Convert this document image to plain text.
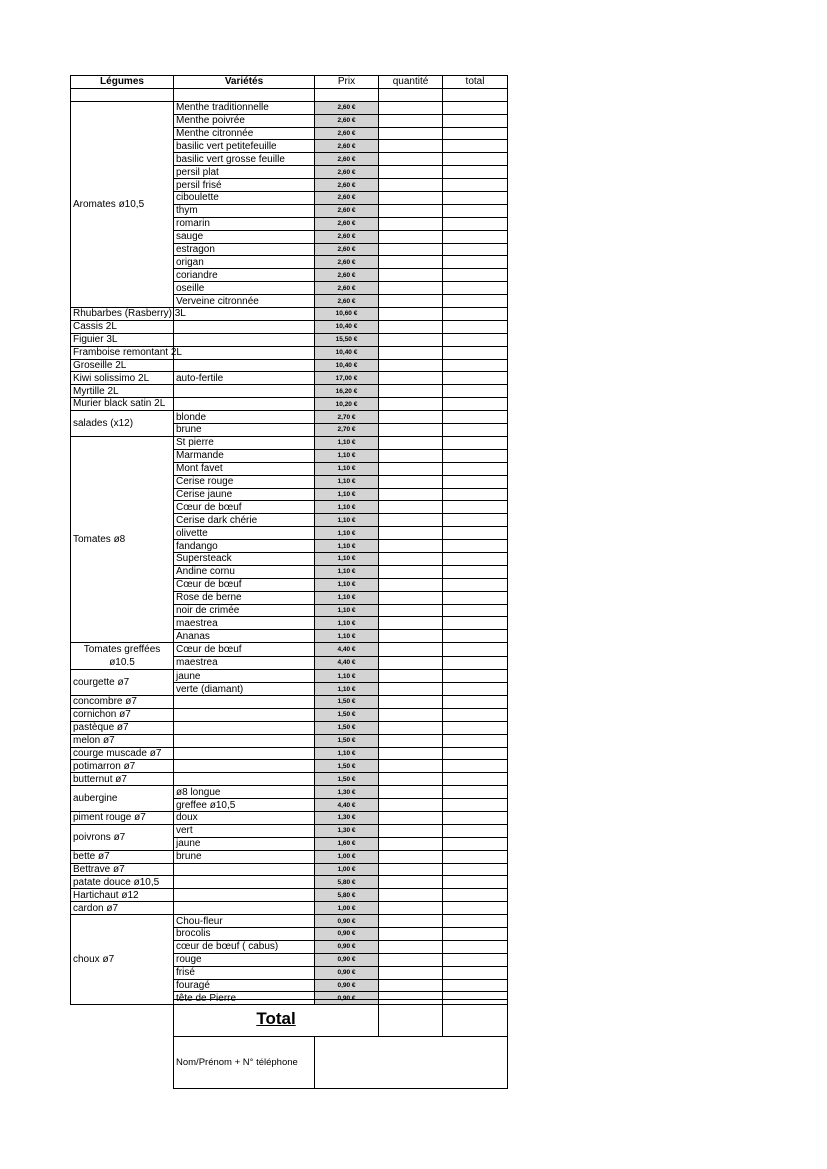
Légumes	Variétés	Prix	quantité	total

Aromates ø10,5	Menthe traditionnelle	2,60 €		
	Menthe poivrée	2,60 €		
	Menthe citronnée	2,60 €		
	basilic vert petitefeuille	2,60 €		
	basilic vert grosse feuille	2,60 €		
	persil plat	2,60 €		
	persil frisé	2,60 €		
	ciboulette	2,60 €		
	thym	2,60 €		
	romarin	2,60 €		
	sauge	2,60 €		
	estragon	2,60 €		
	origan	2,60 €		
	coriandre	2,60 €		
	oseille	2,60 €		
	Verveine citronnée	2,60 €		

Rhubarbes (Rasberry) 3L		10,60 €		
Cassis 2L		10,40 €		
Figuier 3L		15,50 €		

Framboise remontant 2L		10,40 €		
Groseille 2L		10,40 €		
Kiwi solissimo 2L	auto-fertile	17,00 €		
Myrtille 2L		16,20 €		

Murier black satin 2L		10,20 €		
salades (x12)	blonde	2,70 €		
	brune	2,70 €		
Tomates ø8	St pierre	1,10 €		
	Marmande	1,10 €		
	Mont favet	1,10 €		
	Cerise rouge	1,10 €		
	Cerise jaune	1,10 €		
	Cœur de bœuf	1,10 €		
	Cerise dark chérie	1,10 €		
	olivette	1,10 €		
	fandango	1,10 €		
	Supersteack	1,10 €		
	Andine cornu	1,10 €		
	Cœur de bœuf	1,10 €		
	Rose de berne	1,10 €		
	noir de crimée	1,10 €		
	maestrea	1,10 €		
	Ananas	1,10 €		
Tomates greffées ø10.5	Cœur de bœuf	4,40 €		
	maestrea	4,40 €		
courgette ø7	jaune	1,10 €		
	verte (diamant)	1,10 €		
concombre ø7		1,50 €		
cornichon ø7		1,50 €		
pastèque ø7		1,50 €		
melon ø7		1,50 €		
courge muscade ø7		1,10 €		
potimarron ø7		1,50 €		
butternut ø7		1,50 €		
aubergine	ø8 longue	1,30 €		
	greffee ø10,5	4,40 €		
piment rouge ø7	doux	1,30 €		
poivrons ø7	vert	1,30 €		
	jaune	1,60 €		
bette ø7	brune	1,00 €		
Bettrave ø7		1,00 €		
patate douce ø10,5		5,80 €		
Hartichaut ø12		5,80 €		
cardon ø7		1,00 €		
choux ø7	Chou-fleur	0,90 €		
	brocolis	0,90 €		
	cœur de bœuf ( cabus)	0,90 €		
	rouge	0,90 €		
	frisé	0,90 €		
	fouragé	0,90 €		
	tête de Pierre	0,90 €		
Total			
Nom/Prénom + N° téléphone			
